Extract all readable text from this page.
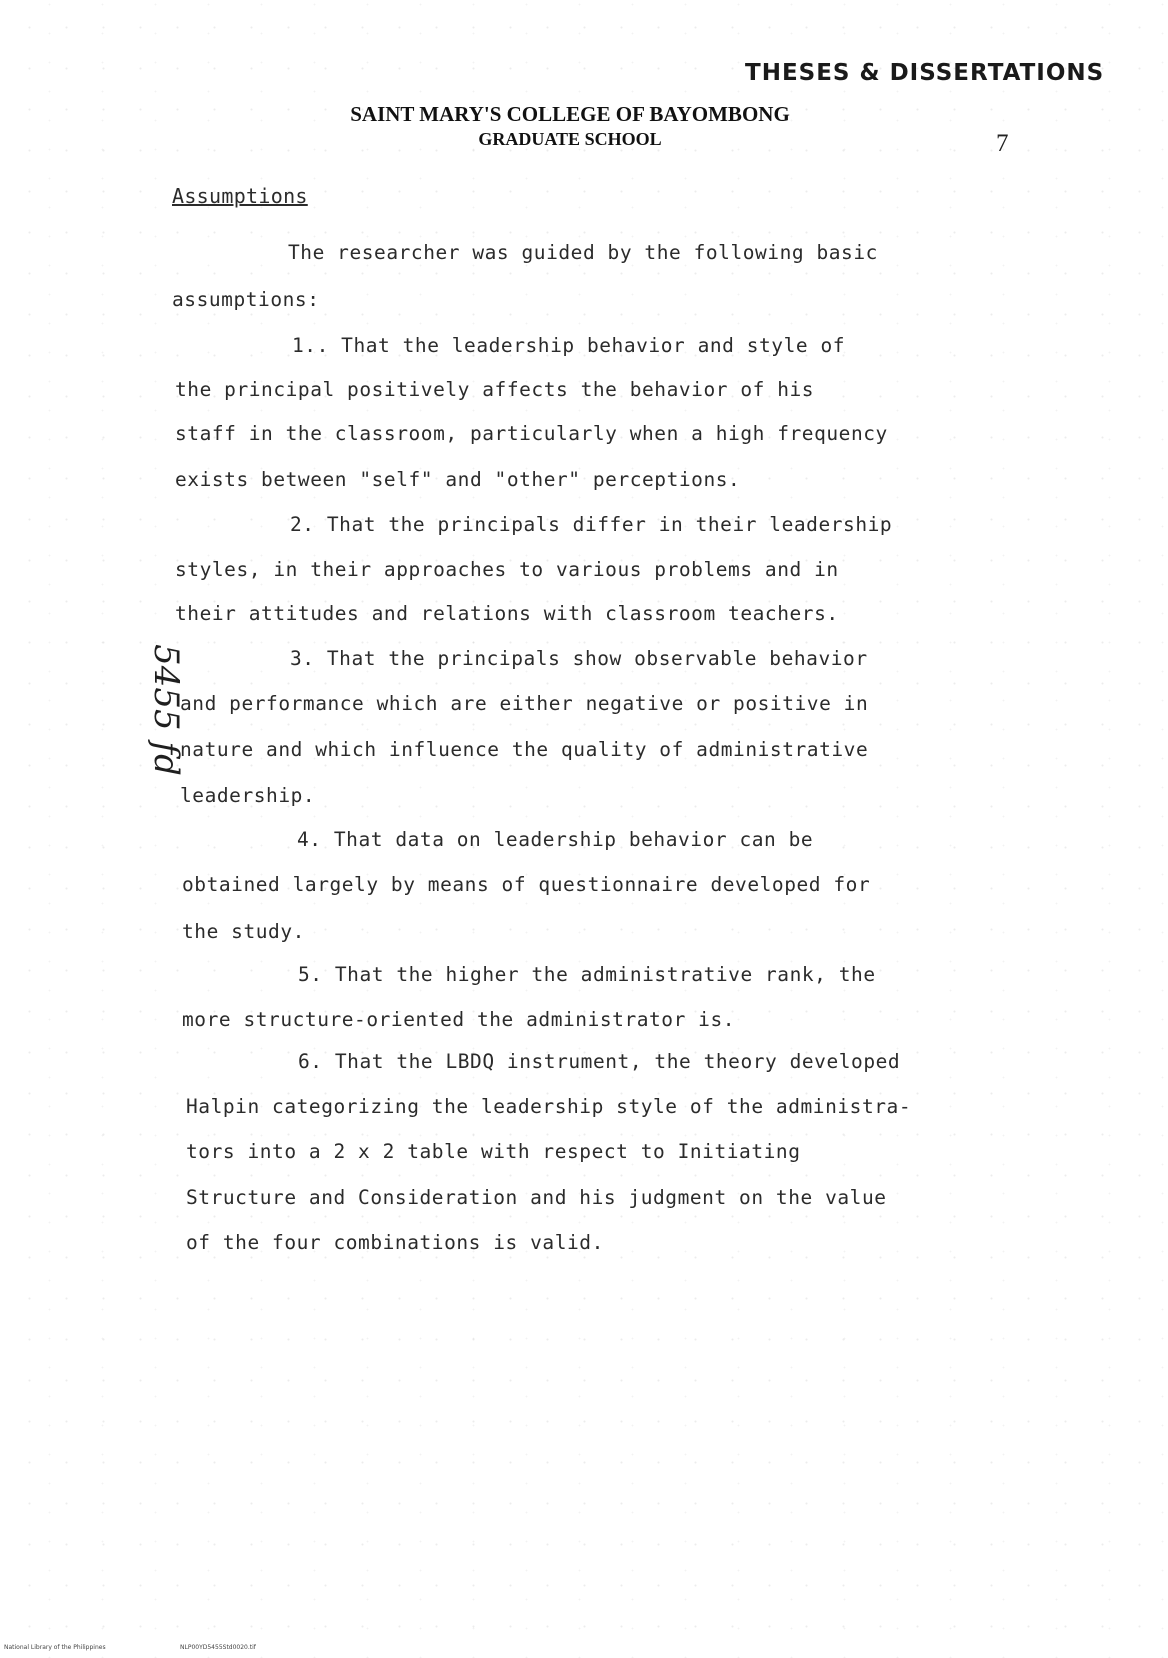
THESES & DISSERTATIONS
SAINT MARY'S COLLEGE OF BAYOMBONG
GRADUATE SCHOOL	7
Assumptions
The researcher was guided by the following basic
assumptions:
1.. That the leadership behavior and style of
the principal positively affects the behavior of his
staff in the classroom, particularly when a high frequency
exists between "self" and "other" perceptions.
2. That the principals differ in their leadership
styles, in their approaches to various problems and in
their attitudes and relations with classroom teachers.
3. That the principals show observable behavior
and performance which are either negative or positive in
nature and which influence the quality of administrative
leadership.
4. That data on leadership behavior can be
obtained largely by means of questionnaire developed for
the study.
5. That the higher the administrative rank, the
more structure-oriented the administrator is.
6. That the LBDQ instrument, the theory developed
Halpin categorizing the leadership style of the administra-
tors into a 2 x 2 table with respect to Initiating
Structure and Consideration and his judgment on the value
of the four combinations is valid.
5455 fd
National Library of the Philippines	NLP00YD5455Std0020.tif
